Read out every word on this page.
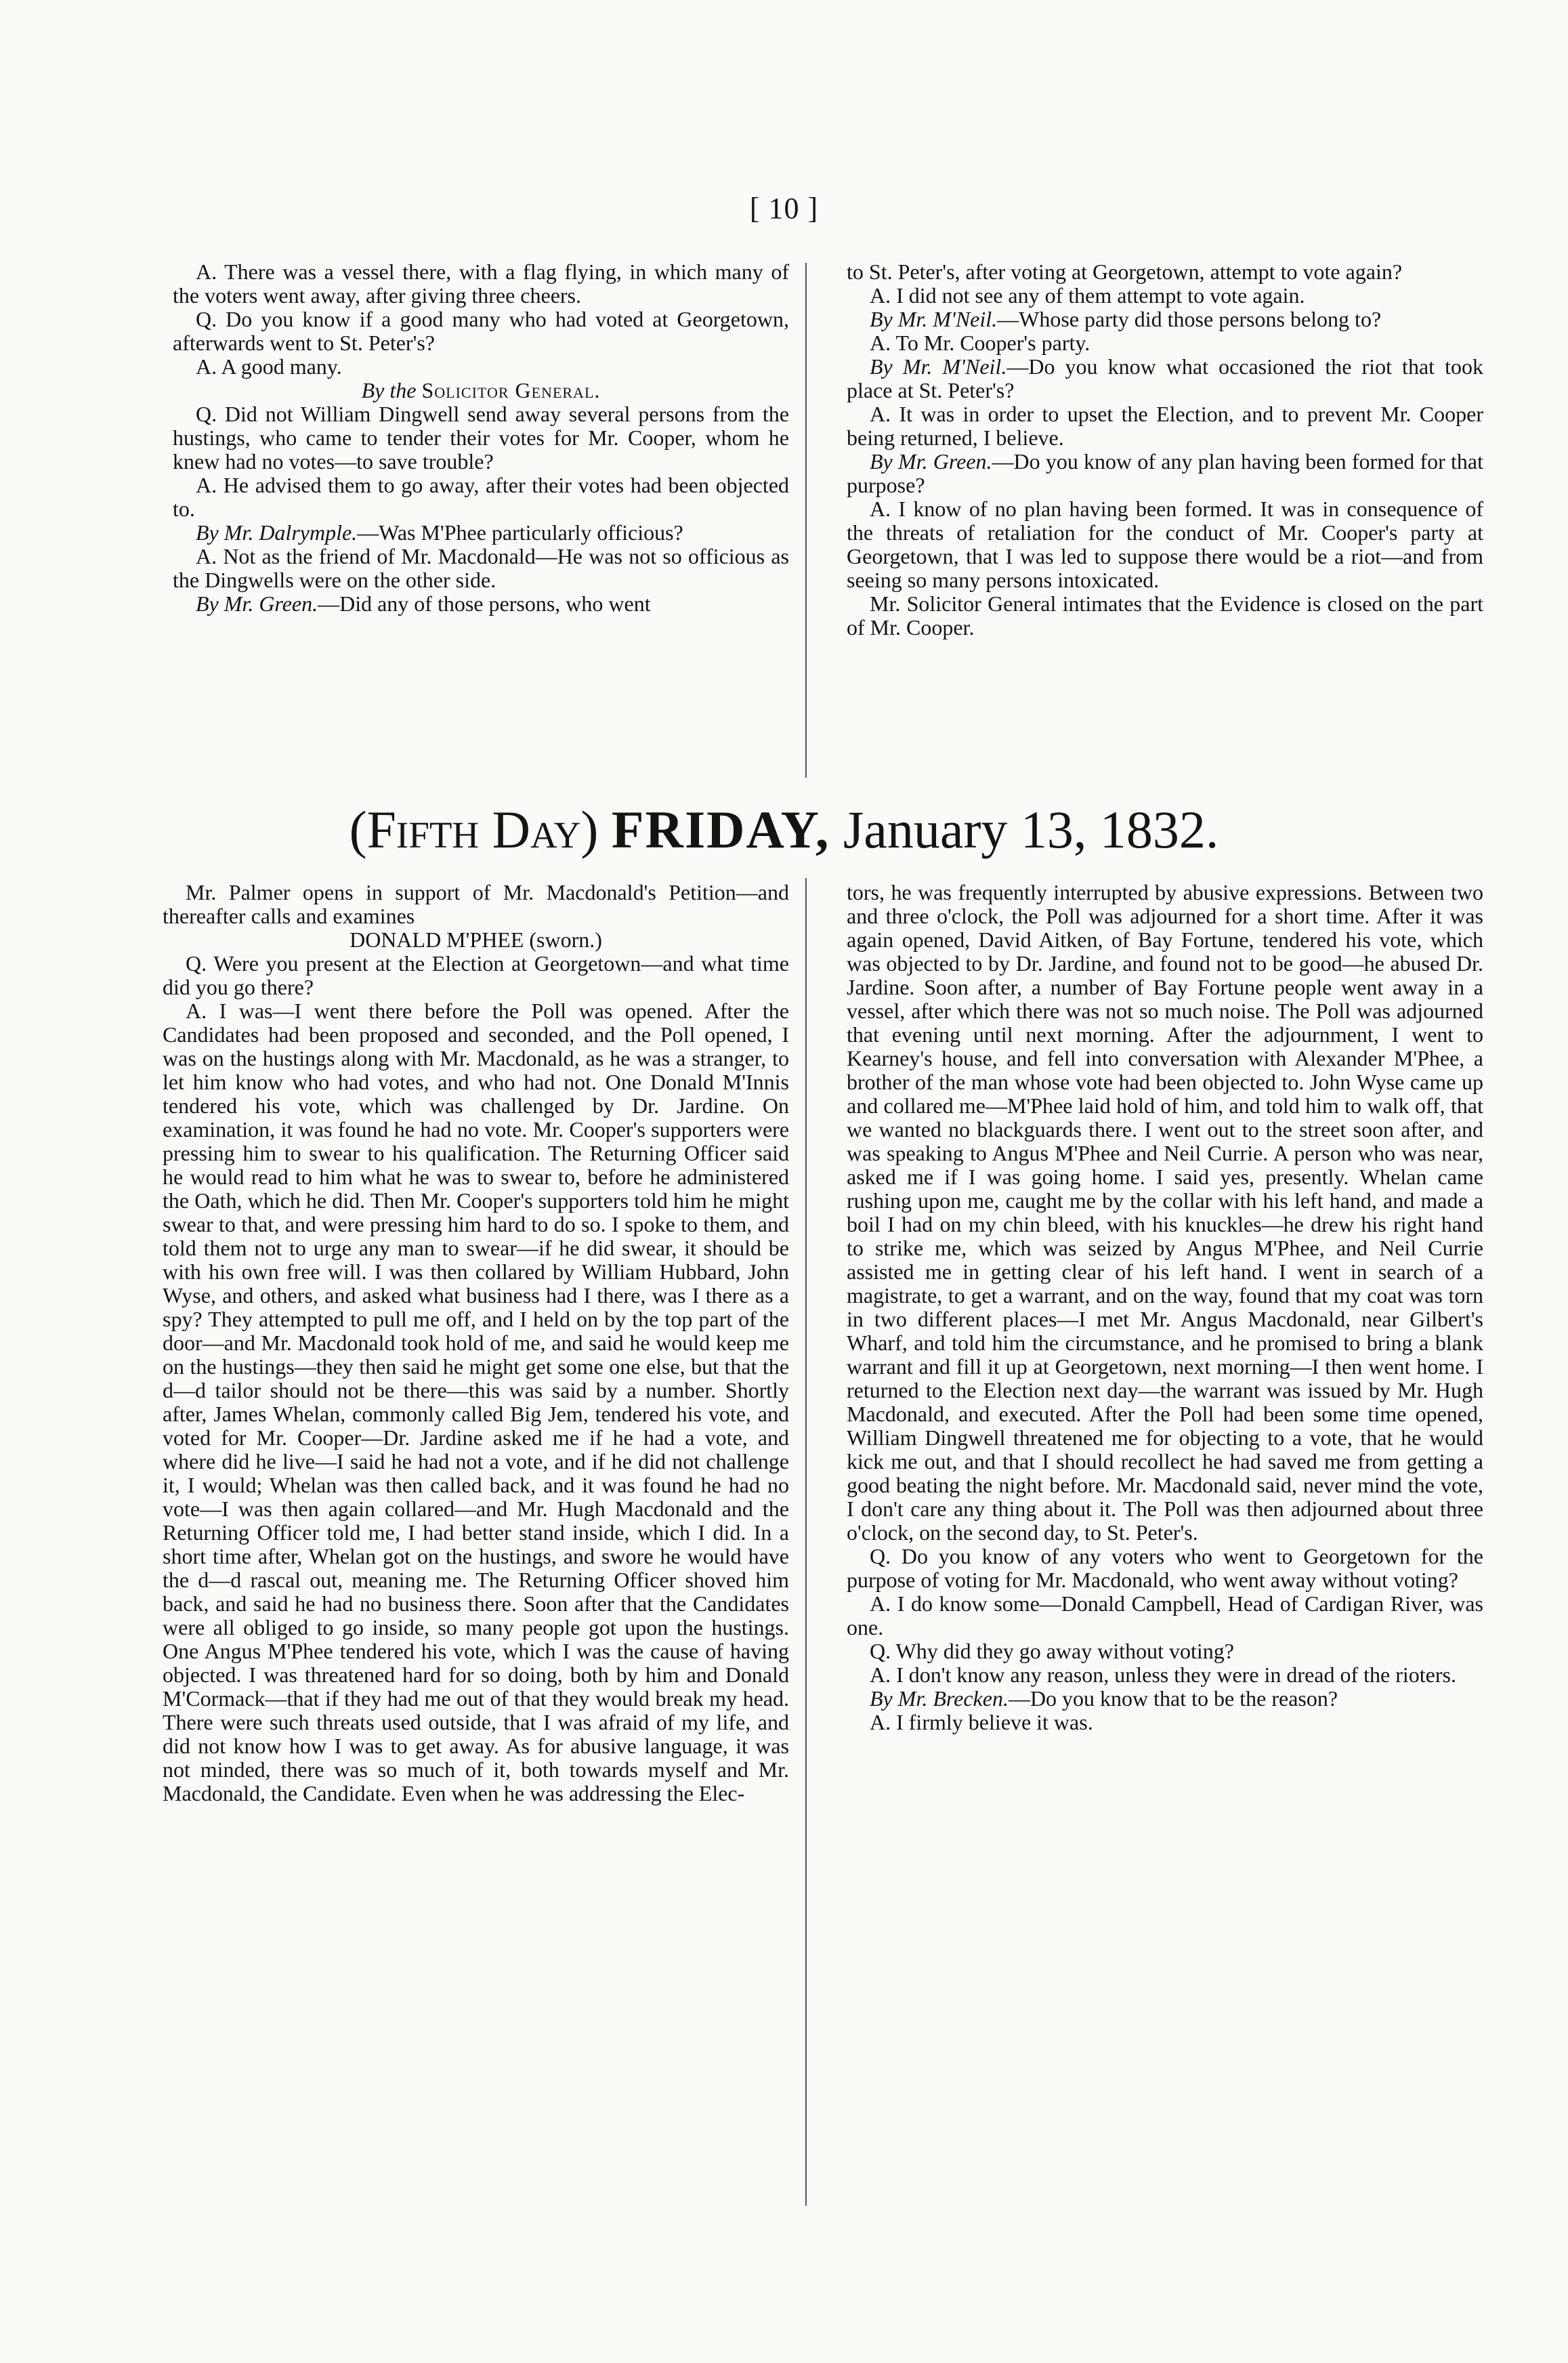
[ 10 ]

A. There was a vessel there, with a flag flying, in which many of the voters went away, after giving three cheers.

Q. Do you know if a good many who had voted at Georgetown, afterwards went to St. Peter's?

A. A good many.

By the Solicitor General.

Q. Did not William Dingwell send away several persons from the hustings, who came to tender their votes for Mr. Cooper, whom he knew had no votes—to save trouble?

A. He advised them to go away, after their votes had been objected to.

By Mr. Dalrymple.—Was M'Phee particularly officious?

A. Not as the friend of Mr. Macdonald—He was not so officious as the Dingwells were on the other side.

By Mr. Green.—Did any of those persons, who went

to St. Peter's, after voting at Georgetown, attempt to vote again?

A. I did not see any of them attempt to vote again.

By Mr. M'Neil.—Whose party did those persons belong to?

A. To Mr. Cooper's party.

By Mr. M'Neil.—Do you know what occasioned the riot that took place at St. Peter's?

A. It was in order to upset the Election, and to prevent Mr. Cooper being returned, I believe.

By Mr. Green.—Do you know of any plan having been formed for that purpose?

A. I know of no plan having been formed. It was in consequence of the threats of retaliation for the conduct of Mr. Cooper's party at Georgetown, that I was led to suppose there would be a riot—and from seeing so many persons intoxicated.

Mr. Solicitor General intimates that the Evidence is closed on the part of Mr. Cooper.

(Fifth Day) FRIDAY, January 13, 1832.

Mr. Palmer opens in support of Mr. Macdonald's Petition—and thereafter calls and examines

DONALD M'PHEE (sworn.)

Q. Were you present at the Election at Georgetown—and what time did you go there?

A. I was—I went there before the Poll was opened. After the Candidates had been proposed and seconded, and the Poll opened, I was on the hustings along with Mr. Macdonald, as he was a stranger, to let him know who had votes, and who had not. One Donald M'Innis tendered his vote, which was challenged by Dr. Jardine. On examination, it was found he had no vote. Mr. Cooper's supporters were pressing him to swear to his qualification. The Returning Officer said he would read to him what he was to swear to, before he administered the Oath, which he did. Then Mr. Cooper's supporters told him he might swear to that, and were pressing him hard to do so. I spoke to them, and told them not to urge any man to swear—if he did swear, it should be with his own free will. I was then collared by William Hubbard, John Wyse, and others, and asked what business had I there, was I there as a spy? They attempted to pull me off, and I held on by the top part of the door—and Mr. Macdonald took hold of me, and said he would keep me on the hustings—they then said he might get some one else, but that the d—d tailor should not be there—this was said by a number. Shortly after, James Whelan, commonly called Big Jem, tendered his vote, and voted for Mr. Cooper—Dr. Jardine asked me if he had a vote, and where did he live—I said he had not a vote, and if he did not challenge it, I would; Whelan was then called back, and it was found he had no vote—I was then again collared—and Mr. Hugh Macdonald and the Returning Officer told me, I had better stand inside, which I did. In a short time after, Whelan got on the hustings, and swore he would have the d—d rascal out, meaning me. The Returning Officer shoved him back, and said he had no business there. Soon after that the Candidates were all obliged to go inside, so many people got upon the hustings. One Angus M'Phee tendered his vote, which I was the cause of having objected. I was threatened hard for so doing, both by him and Donald M'Cormack—that if they had me out of that they would break my head. There were such threats used outside, that I was afraid of my life, and did not know how I was to get away. As for abusive language, it was not minded, there was so much of it, both towards myself and Mr. Macdonald, the Candidate. Even when he was addressing the Elec-

tors, he was frequently interrupted by abusive expressions. Between two and three o'clock, the Poll was adjourned for a short time. After it was again opened, David Aitken, of Bay Fortune, tendered his vote, which was objected to by Dr. Jardine, and found not to be good—he abused Dr. Jardine. Soon after, a number of Bay Fortune people went away in a vessel, after which there was not so much noise. The Poll was adjourned that evening until next morning. After the adjournment, I went to Kearney's house, and fell into conversation with Alexander M'Phee, a brother of the man whose vote had been objected to. John Wyse came up and collared me—M'Phee laid hold of him, and told him to walk off, that we wanted no blackguards there. I went out to the street soon after, and was speaking to Angus M'Phee and Neil Currie. A person who was near, asked me if I was going home. I said yes, presently. Whelan came rushing upon me, caught me by the collar with his left hand, and made a boil I had on my chin bleed, with his knuckles—he drew his right hand to strike me, which was seized by Angus M'Phee, and Neil Currie assisted me in getting clear of his left hand. I went in search of a magistrate, to get a warrant, and on the way, found that my coat was torn in two different places—I met Mr. Angus Macdonald, near Gilbert's Wharf, and told him the circumstance, and he promised to bring a blank warrant and fill it up at Georgetown, next morning—I then went home. I returned to the Election next day—the warrant was issued by Mr. Hugh Macdonald, and executed. After the Poll had been some time opened, William Dingwell threatened me for objecting to a vote, that he would kick me out, and that I should recollect he had saved me from getting a good beating the night before. Mr. Macdonald said, never mind the vote, I don't care any thing about it. The Poll was then adjourned about three o'clock, on the second day, to St. Peter's.

Q. Do you know of any voters who went to Georgetown for the purpose of voting for Mr. Macdonald, who went away without voting?

A. I do know some—Donald Campbell, Head of Cardigan River, was one.

Q. Why did they go away without voting?

A. I don't know any reason, unless they were in dread of the rioters.

By Mr. Brecken.—Do you know that to be the reason?

A. I firmly believe it was.
